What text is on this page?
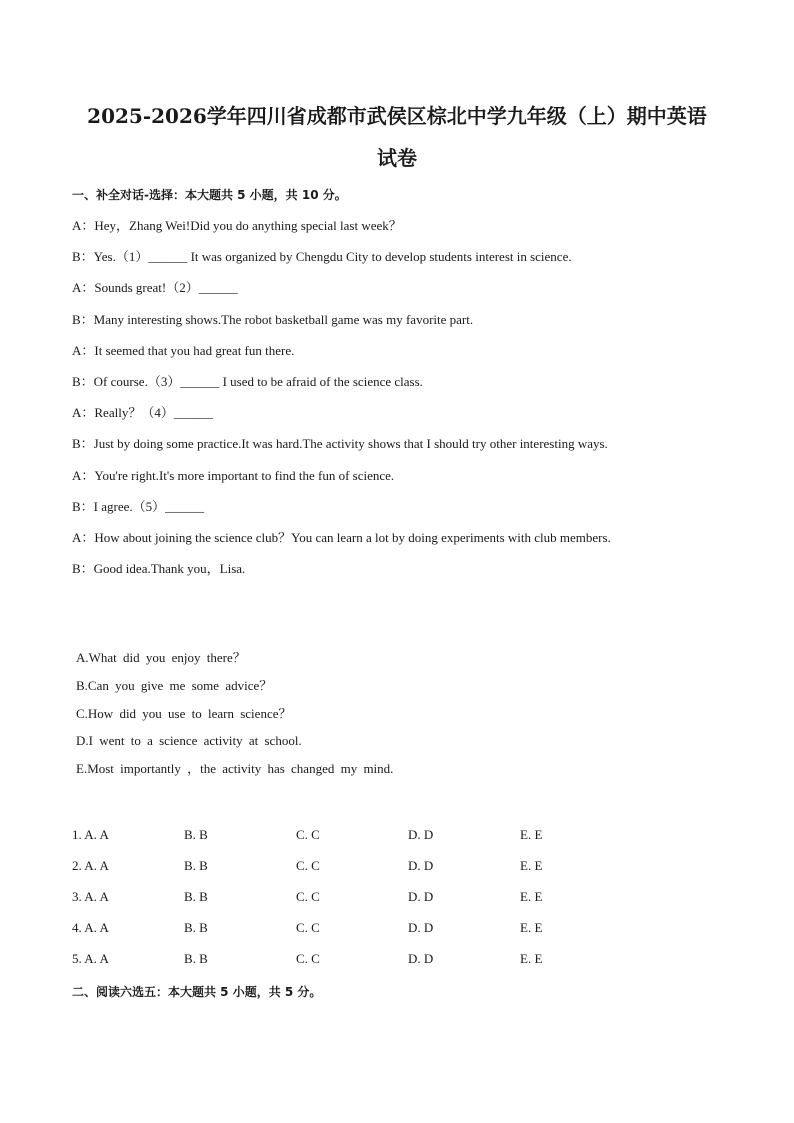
2025-2026学年四川省成都市武侯区棕北中学九年级（上）期中英语
试卷
一、补全对话-选择：本大题共 5 小题，共 10 分。
A：Hey，Zhang Wei!Did you do anything special last week？
B：Yes.（1）______ It was organized by Chengdu City to develop students interest in science.
A：Sounds great!（2）______
B：Many interesting shows.The robot basketball game was my favorite part.
A：It seemed that you had great fun there.
B：Of course.（3）______ I used to be afraid of the science class.
A：Really？（4）______
B：Just by doing some practice.It was hard.The activity shows that I should try other interesting ways.
A：You're right.It's more important to find the fun of science.
B：I agree.（5）______
A：How about joining the science club？You can learn a lot by doing experiments with club members.
B：Good idea.Thank you，Lisa.
A.What did you enjoy there？
B.Can you give me some advice？
C.How did you use to learn science？
D.I went to a science activity at school.
E.Most importantly ，the activity has changed my mind.
1. A. A	B. B	C. C	D. D	E. E
2. A. A	B. B	C. C	D. D	E. E
3. A. A	B. B	C. C	D. D	E. E
4. A. A	B. B	C. C	D. D	E. E
5. A. A	B. B	C. C	D. D	E. E
二、阅读六选五：本大题共 5 小题，共 5 分。
